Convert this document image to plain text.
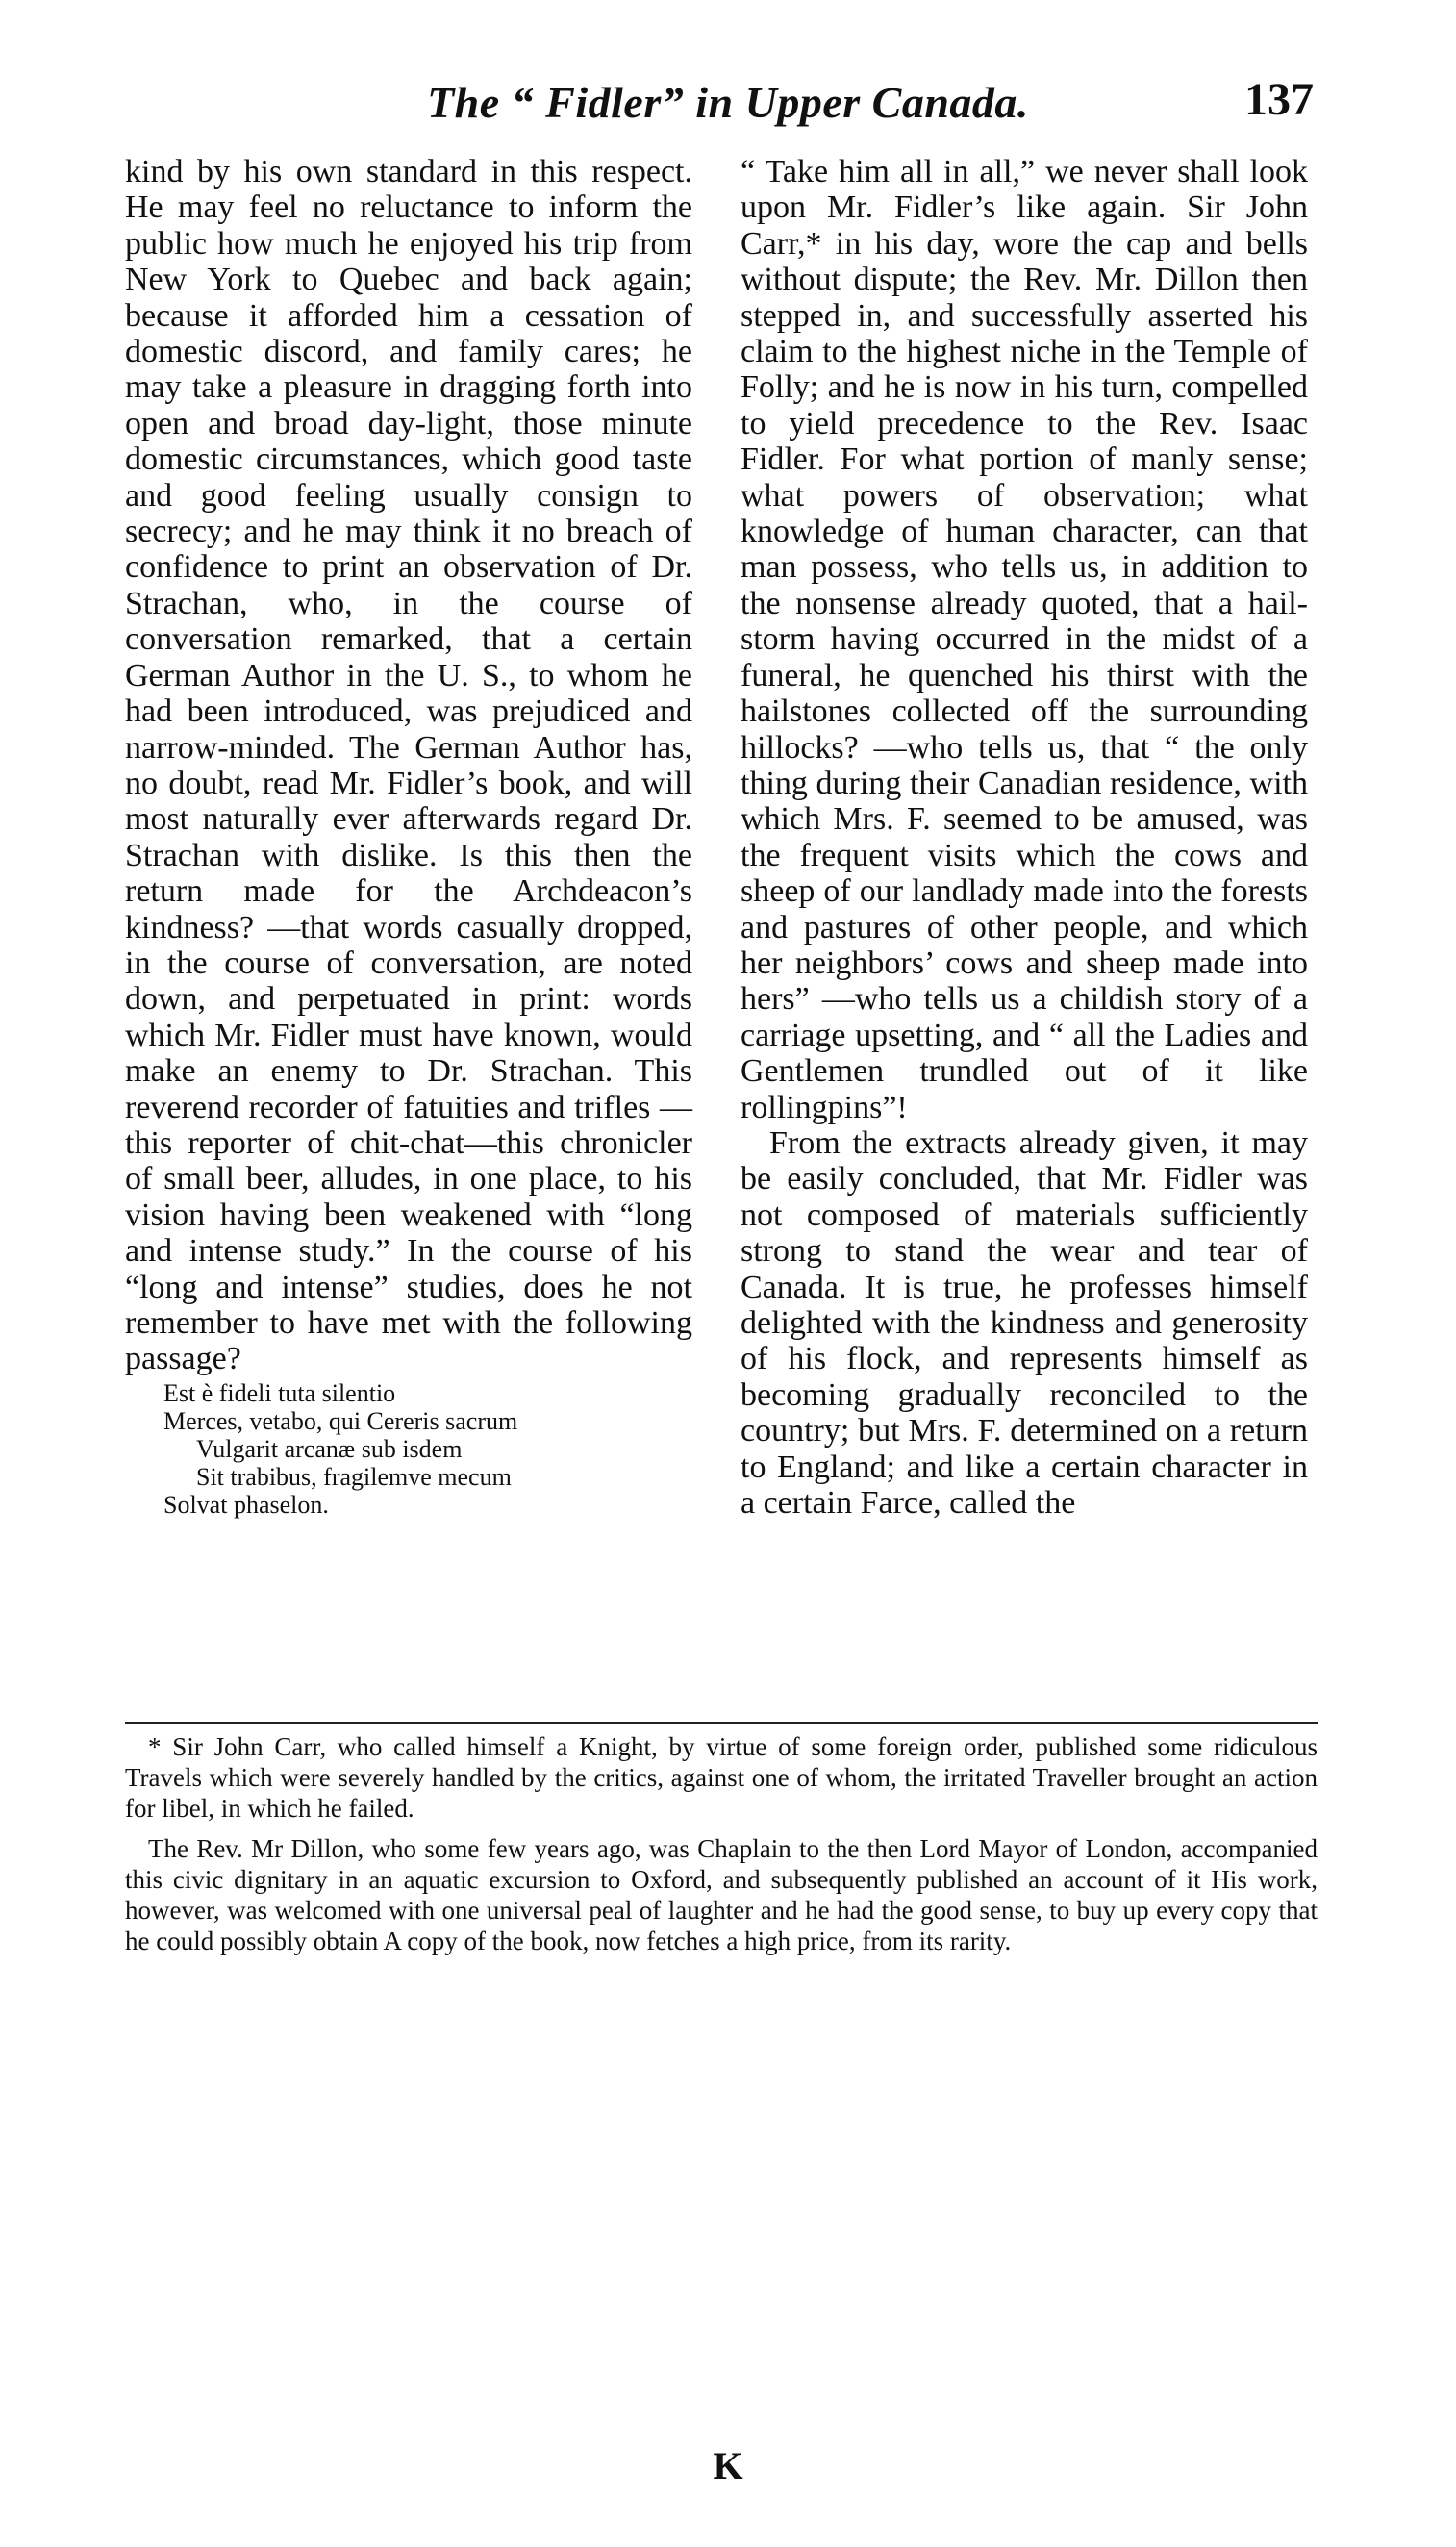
The “ Fidler” in Upper Canada.	137

kind by his own standard in this respect. He may feel no reluctance to inform the public how much he enjoyed his trip from New York to Quebec and back again; because it afforded him a cessation of domestic discord, and family cares; he may take a pleasure in dragging forth into open and broad day-light, those minute domestic circumstances, which good taste and good feeling usually consign to secrecy; and he may think it no breach of confidence to print an observation of Dr. Strachan, who, in the course of conversation remarked, that a certain German Author in the U. S., to whom he had been introduced, was prejudiced and narrow-minded. The German Author has, no doubt, read Mr. Fidler’s book, and will most naturally ever afterwards regard Dr. Strachan with dislike. Is this then the return made for the Archdeacon’s kindness? —that words casually dropped, in the course of conversation, are noted down, and perpetuated in print: words which Mr. Fidler must have known, would make an enemy to Dr. Strachan. This reverend recorder of fatuities and trifles — this reporter of chit-chat—this chronicler of small beer, alludes, in one place, to his vision having been weakened with “long and intense study.” In the course of his “long and intense” studies, does he not remember to have met with the following passage?

Est è fideli tuta silentio
Merces, vetabo, qui Cereris sacrum
Vulgarit arcanæ sub isdem
Sit trabibus, fragilemve mecum
Solvat phaselon.

“ Take him all in all,” we never shall look upon Mr. Fidler’s like again. Sir John Carr,* in his day, wore the cap and bells without dispute; the Rev. Mr. Dillon then stepped in, and successfully asserted his claim to the highest niche in the Temple of Folly; and he is now in his turn, compelled to yield precedence to the Rev. Isaac Fidler. For what portion of manly sense; what powers of observation; what knowledge of human character, can that man possess, who tells us, in addition to the nonsense already quoted, that a hail-storm having occurred in the midst of a funeral, he quenched his thirst with the hailstones collected off the surrounding hillocks? —who tells us, that “ the only thing during their Canadian residence, with which Mrs. F. seemed to be amused, was the frequent visits which the cows and sheep of our landlady made into the forests and pastures of other people, and which her neighbors’ cows and sheep made into hers” —who tells us a childish story of a carriage upsetting, and “ all the Ladies and Gentlemen trundled out of it like rollingpins”!

From the extracts already given, it may be easily concluded, that Mr. Fidler was not composed of materials sufficiently strong to stand the wear and tear of Canada. It is true, he professes himself delighted with the kindness and generosity of his flock, and represents himself as becoming gradually reconciled to the country; but Mrs. F. determined on a return to England; and like a certain character in a certain Farce, called the

* Sir John Carr, who called himself a Knight, by virtue of some foreign order, published some ridiculous Travels which were severely handled by the critics, against one of whom, the irritated Traveller brought an action for libel, in which he failed.

The Rev. Mr Dillon, who some few years ago, was Chaplain to the then Lord Mayor of London, accompanied this civic dignitary in an aquatic excursion to Oxford, and subsequently published an account of it His work, however, was welcomed with one universal peal of laughter and he had the good sense, to buy up every copy that he could possibly obtain A copy of the book, now fetches a high price, from its rarity.

K
